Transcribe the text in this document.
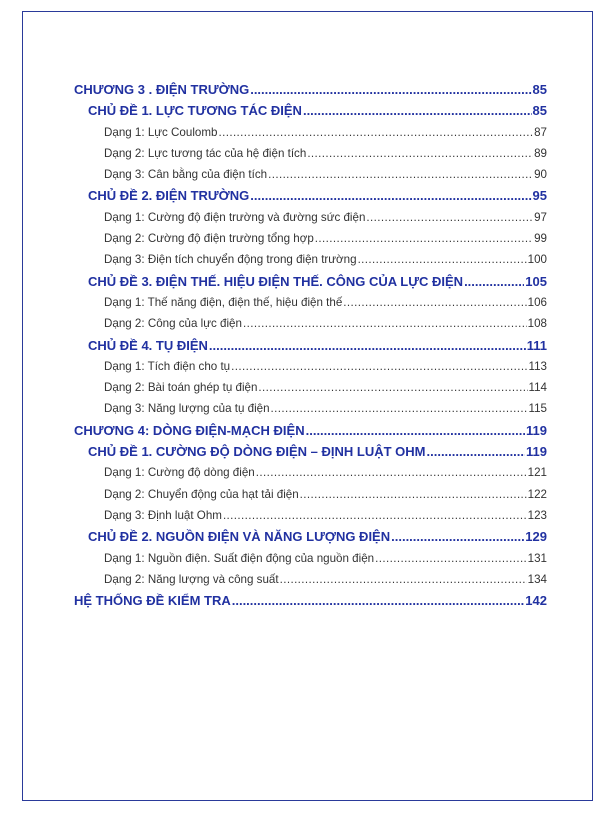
CHƯƠNG 3 . ĐIỆN TRƯỜNG .....	85
CHỦ ĐỀ 1. LỰC TƯƠNG TÁC ĐIỆN .....	85
Dạng 1: Lực Coulomb .....	87
Dạng 2: Lực tương tác của hệ điện tích .....	89
Dạng 3: Cân bằng của điện tích .....	90
CHỦ ĐỀ 2. ĐIỆN TRƯỜNG .....	95
Dạng 1: Cường độ điện trường và đường sức điện .....	97
Dạng 2: Cường độ điện trường tổng hợp .....	99
Dạng 3: Điện tích chuyển động trong điện trường .....	100
CHỦ ĐỀ 3. ĐIỆN THẾ. HIỆU ĐIỆN THẾ. CÔNG CỦA LỰC ĐIỆN .....	105
Dạng 1: Thế năng điện, điện thế, hiệu điện thế .....	106
Dạng 2: Công của lực điện .....	108
CHỦ ĐỀ 4. TỤ ĐIỆN .....	111
Dạng 1: Tích điện cho tụ .....	113
Dạng 2: Bài toán ghép tụ điện .....	114
Dạng 3: Năng lượng của tụ điện .....	115
CHƯƠNG 4: DÒNG ĐIỆN-MẠCH ĐIỆN .....	119
CHỦ ĐỀ 1. CƯỜNG ĐỘ DÒNG ĐIỆN – ĐỊNH LUẬT OHM .....	119
Dạng 1: Cường độ dòng điện .....	121
Dạng 2: Chuyển động của hạt tải điện .....	122
Dạng 3: Định luật Ohm .....	123
CHỦ ĐỀ 2. NGUỒN ĐIỆN VÀ NĂNG LƯỢNG ĐIỆN .....	129
Dạng 1: Nguồn điện. Suất điện động của nguồn điện .....	131
Dạng 2: Năng lượng và công suất .....	134
HỆ THỐNG ĐỀ KIỂM TRA .....	142
